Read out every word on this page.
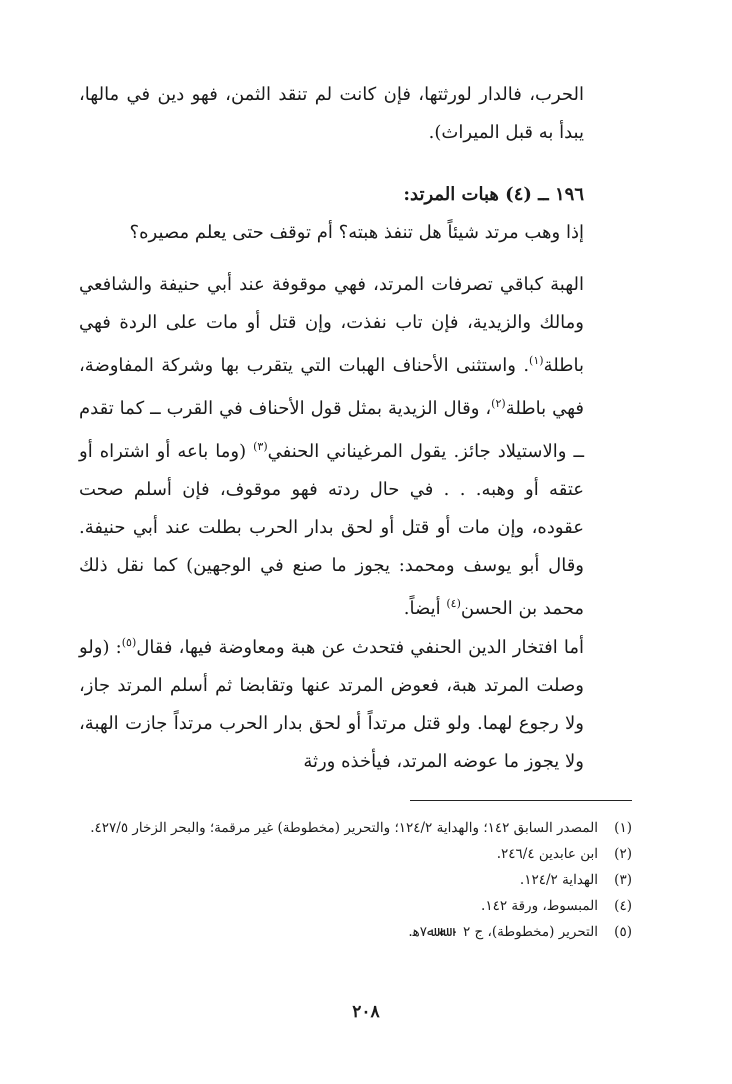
الحرب، فالدار لورثتها، فإن كانت لم تنقد الثمن، فهو دين في مالها، يبدأ به قبل الميراث).

١٩٦ ــ (٤) هبات المرتد:

إذا وهب مرتد شيئاً هل تنفذ هبته؟ أم توقف حتى يعلم مصيره؟

الهبة كباقي تصرفات المرتد، فهي موقوفة عند أبي حنيفة والشافعي ومالك والزيدية، فإن تاب نفذت، وإن قتل أو مات على الردة فهي باطلة$^{(١)}$. واستثنى الأحناف الهبات التي يتقرب بها وشركة المفاوضة، فهي باطلة$^{(٢)}$، وقال الزيدية بمثل قول الأحناف في القرب ــ كما تقدم ــ والاستيلاد جائز. يقول المرغيناني الحنفي$^{(٣)}$ (وما باعه أو اشتراه أو عتقه أو وهبه. . . في حال ردته فهو موقوف، فإن أسلم صحت عقوده، وإن مات أو قتل أو لحق بدار الحرب بطلت عند أبي حنيفة. وقال أبو يوسف ومحمد: يجوز ما صنع في الوجهين) كما نقل ذلك محمد بن الحسن$^{(٤)}$ أيضاً.

أما افتخار الدين الحنفي فتحدث عن هبة ومعاوضة فيها، فقال$^{(٥)}$: (ولو وصلت المرتد هبة، فعوض المرتد عنها وتقابضا ثم أسلم المرتد جاز، ولا رجوع لهما. ولو قتل مرتداً أو لحق بدار الحرب مرتداً جازت الهبة، ولا يجوز ما عوضه المرتد، فيأخذه ورثة

(١)
المصدر السابق ١٤٢؛ والهداية ١٢٤/٢؛ والتحرير (مخطوطة) غير مرقمة؛ والبحر الزخار ٤٢٧/٥.
(٢)
ابن عابدين ٢٤٦/٤.
(٣)
الهداية ١٢٤/٢.
(٤)
المبسوط، ورقة ١٤٢.
(٥)
التحرير (مخطوطة)، ج ٢ ٠ ﷲ ﷲ٧ﻫ.
٢٠٨
